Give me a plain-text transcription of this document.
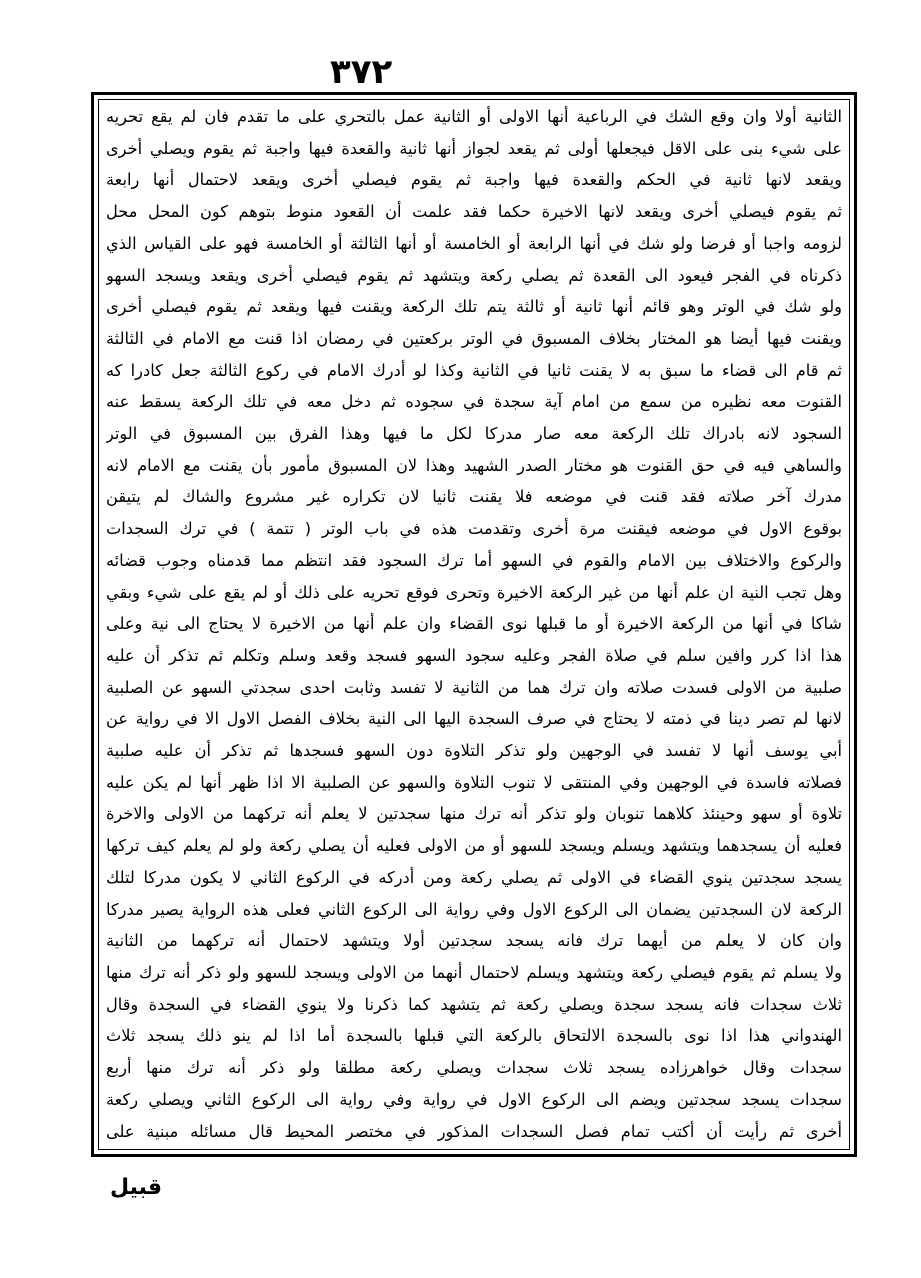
٣٧٢
الثانية أولا وان وقع الشك في الرباعية أنها الاولى أو الثانية عمل بالتحري على ما تقدم فان لم يقع تحريه
على شيء بنى على الاقل فيجعلها أولى ثم يقعد لجواز أنها ثانية والقعدة فيها واجبة ثم يقوم ويصلي أخرى
ويقعد لانها ثانية في الحكم والقعدة فيها واجبة ثم يقوم فيصلي أخرى ويقعد لاحتمال أنها رابعة
ثم يقوم فيصلي أخرى ويقعد لانها الاخيرة حكما فقد علمت أن القعود منوط بتوهم كون المحل محل
لزومه واجبا أو فرضا ولو شك في أنها الرابعة أو الخامسة أو أنها الثالثة أو الخامسة فهو على القياس الذي
ذكرناه في الفجر فيعود الى القعدة ثم يصلي ركعة ويتشهد ثم يقوم فيصلي أخرى ويقعد ويسجد السهو
ولو شك في الوتر وهو قائم أنها ثانية أو ثالثة يتم تلك الركعة ويقنت فيها ويقعد ثم يقوم فيصلي أخرى
ويقنت فيها أيضا هو المختار بخلاف المسبوق في الوتر بركعتين في رمضان اذا قنت مع الامام في الثالثة
ثم قام الى قضاء ما سبق به لا يقنت ثانيا في الثانية وكذا لو أدرك الامام في ركوع الثالثة جعل كادرا كه
القنوت معه نظيره من سمع من امام آية سجدة في سجوده ثم دخل معه في تلك الركعة يسقط عنه
السجود لانه بادراك تلك الركعة معه صار مدركا لكل ما فيها وهذا الفرق بين المسبوق في الوتر
والساهي فيه في حق القنوت هو مختار الصدر الشهيد وهذا لان المسبوق مأمور بأن يقنت مع الامام لانه
مدرك آخر صلاته فقد قنت في موضعه فلا يقنت ثانيا لان تكراره غير مشروع والشاك لم يتيقن
بوقوع الاول في موضعه فيقنت مرة أخرى وتقدمت هذه في باب الوتر ( تتمة ) في ترك السجدات
والركوع والاختلاف بين الامام والقوم في السهو أما ترك السجود فقد انتظم مما قدمناه وجوب قضائه
وهل تجب النية ان علم أنها من غير الركعة الاخيرة وتحرى فوقع تحريه على ذلك أو لم يقع على شيء وبقي
شاكا في أنها من الركعة الاخيرة أو ما قبلها نوى القضاء وان علم أنها من الاخيرة لا يحتاج الى نية وعلى
هذا اذا كرر وافين سلم في صلاة الفجر وعليه سجود السهو فسجد وقعد وسلم وتكلم ثم تذكر أن عليه
صلبية من الاولى فسدت صلاته وان ترك هما من الثانية لا تفسد وثابت احدى سجدتي السهو عن الصلبية
لانها لم تصر دينا في ذمته لا يحتاج في صرف السجدة اليها الى النية بخلاف الفصل الاول الا في رواية عن
أبي يوسف أنها لا تفسد في الوجهين ولو تذكر التلاوة دون السهو فسجدها ثم تذكر أن عليه صلبية
فصلاته فاسدة في الوجهين وفي المنتقى لا تنوب التلاوة والسهو عن الصلبية الا اذا ظهر أنها لم يكن عليه
تلاوة أو سهو وحينئذ كلاهما تنوبان ولو تذكر أنه ترك منها سجدتين لا يعلم أنه تركهما من الاولى والاخرة
فعليه أن يسجدهما ويتشهد ويسلم ويسجد للسهو أو من الاولى فعليه أن يصلي ركعة ولو لم يعلم كيف تركها
يسجد سجدتين ينوي القضاء في الاولى ثم يصلي ركعة ومن أدركه في الركوع الثاني لا يكون مدركا لتلك
الركعة لان السجدتين يضمان الى الركوع الاول وفي رواية الى الركوع الثاني فعلى هذه الرواية يصير مدركا
وان كان لا يعلم من أيهما ترك فانه يسجد سجدتين أولا ويتشهد لاحتمال أنه تركهما من الثانية
ولا يسلم ثم يقوم فيصلي ركعة ويتشهد ويسلم لاحتمال أنهما من الاولى ويسجد للسهو ولو ذكر أنه ترك منها
ثلاث سجدات فانه يسجد سجدة ويصلي ركعة ثم يتشهد كما ذكرنا ولا ينوي القضاء في السجدة وقال
الهندواني هذا اذا نوى بالسجدة الالتحاق بالركعة التي قبلها بالسجدة أما اذا لم ينو ذلك يسجد ثلاث
سجدات وقال خواهرزاده يسجد ثلاث سجدات ويصلي ركعة مطلقا ولو ذكر أنه ترك منها أربع
سجدات يسجد سجدتين ويضم الى الركوع الاول في رواية وفي رواية الى الركوع الثاني ويصلي ركعة
أخرى ثم رأيت أن أكتب تمام فصل السجدات المذكور في مختصر المحيط قال مسائله مبنية على
قبيل
